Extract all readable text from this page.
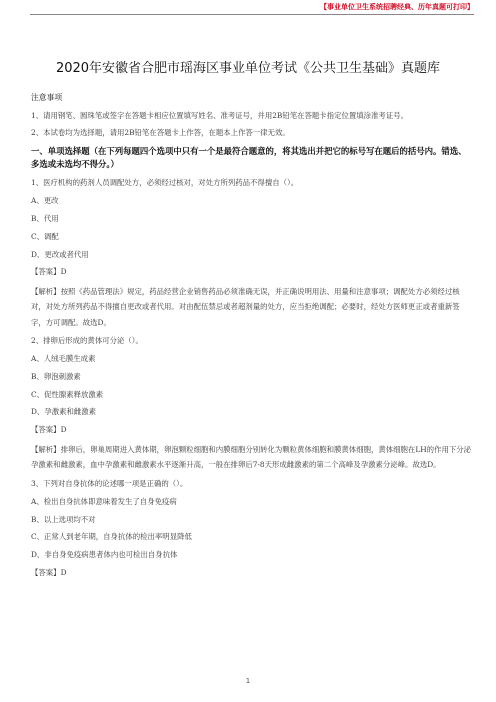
【事业单位卫生系统招聘经典、历年真题可打印】
2020年安徽省合肥市瑶海区事业单位考试《公共卫生基础》真题库

注意事项

1、请用钢笔、圆珠笔或签字在答题卡相应位置填写姓名、准考证号，并用2B铅笔在答题卡指定位置填涂准考证号。

2、本试卷均为选择题，请用2B铅笔在答题卡上作答，在题本上作答一律无效。

一、单项选择题（在下列每题四个选项中只有一个是最符合题意的，将其选出并把它的标号写在题后的括号内。错选、多选或未选均不得分。）

1、医疗机构的药剂人员调配处方，必须经过核对，对处方所列药品不得擅自（）。

A、更改

B、代用

C、调配

D、更改或者代用

【答案】D

【解析】按照《药品管理法》规定，药品经营企业销售药品必须准确无误，并正确说明用法、用量和注意事项；调配处方必须经过核对，对处方所列药品不得擅自更改或者代用。对由配伍禁忌或者超剂量的处方，应当拒绝调配；必要时，经处方医师更正或者重新签字，方可调配。故选D。

2、排卵后形成的黄体可分泌（）。

A、人绒毛膜生成素

B、卵泡刺激素

C、促性腺素释放激素

D、孕激素和雌激素

【答案】D

【解析】排卵后，卵巢周期进入黄体期，卵泡颗粒细胞和内膜细胞分别转化为颗粒黄体细胞和膜黄体细胞，黄体细胞在LH的作用下分泌孕激素和雌激素，血中孕激素和雌激素水平逐渐升高，一般在排卵后7-8天形成雌激素的第二个高峰及孕激素分泌峰。故选D。

3、下列对自身抗体的论述哪一项是正确的（）。

A、检出自身抗体即意味着发生了自身免疫病

B、以上选项均不对

C、正常人到老年期，自身抗体的检出率明显降低

D、非自身免疫病患者体内也可检出自身抗体

【答案】D

1
